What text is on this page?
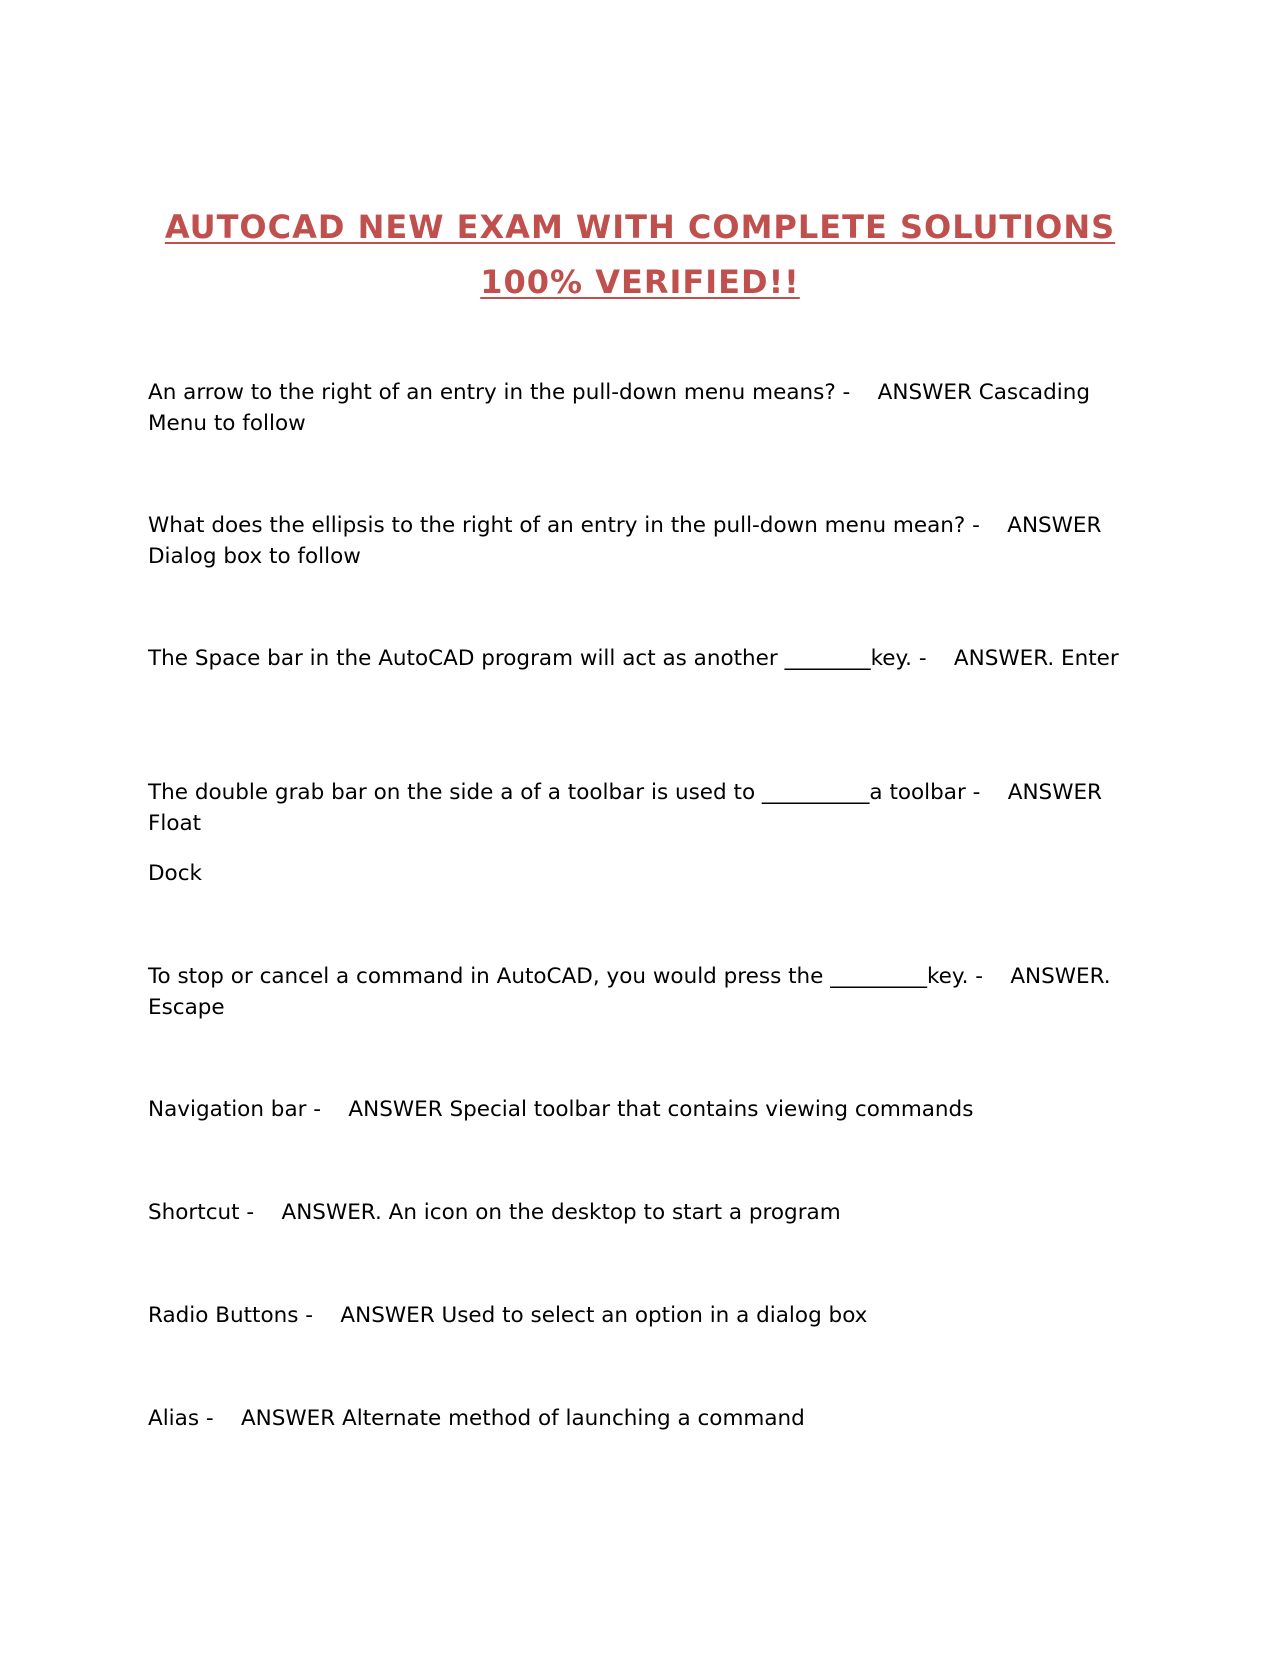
AUTOCAD NEW EXAM WITH COMPLETE SOLUTIONS
100% VERIFIED!!
An arrow to the right of an entry in the pull-down menu means? - ANSWER Cascading Menu to follow
What does the ellipsis to the right of an entry in the pull-down menu mean? - ANSWER Dialog box to follow
The Space bar in the AutoCAD program will act as another ________key. - ANSWER. Enter
The double grab bar on the side a of a toolbar is used to __________a toolbar - ANSWER Float
Dock
To stop or cancel a command in AutoCAD, you would press the _________key. - ANSWER. Escape
Navigation bar - ANSWER Special toolbar that contains viewing commands
Shortcut - ANSWER. An icon on the desktop to start a program
Radio Buttons - ANSWER Used to select an option in a dialog box
Alias - ANSWER Alternate method of launching a command
